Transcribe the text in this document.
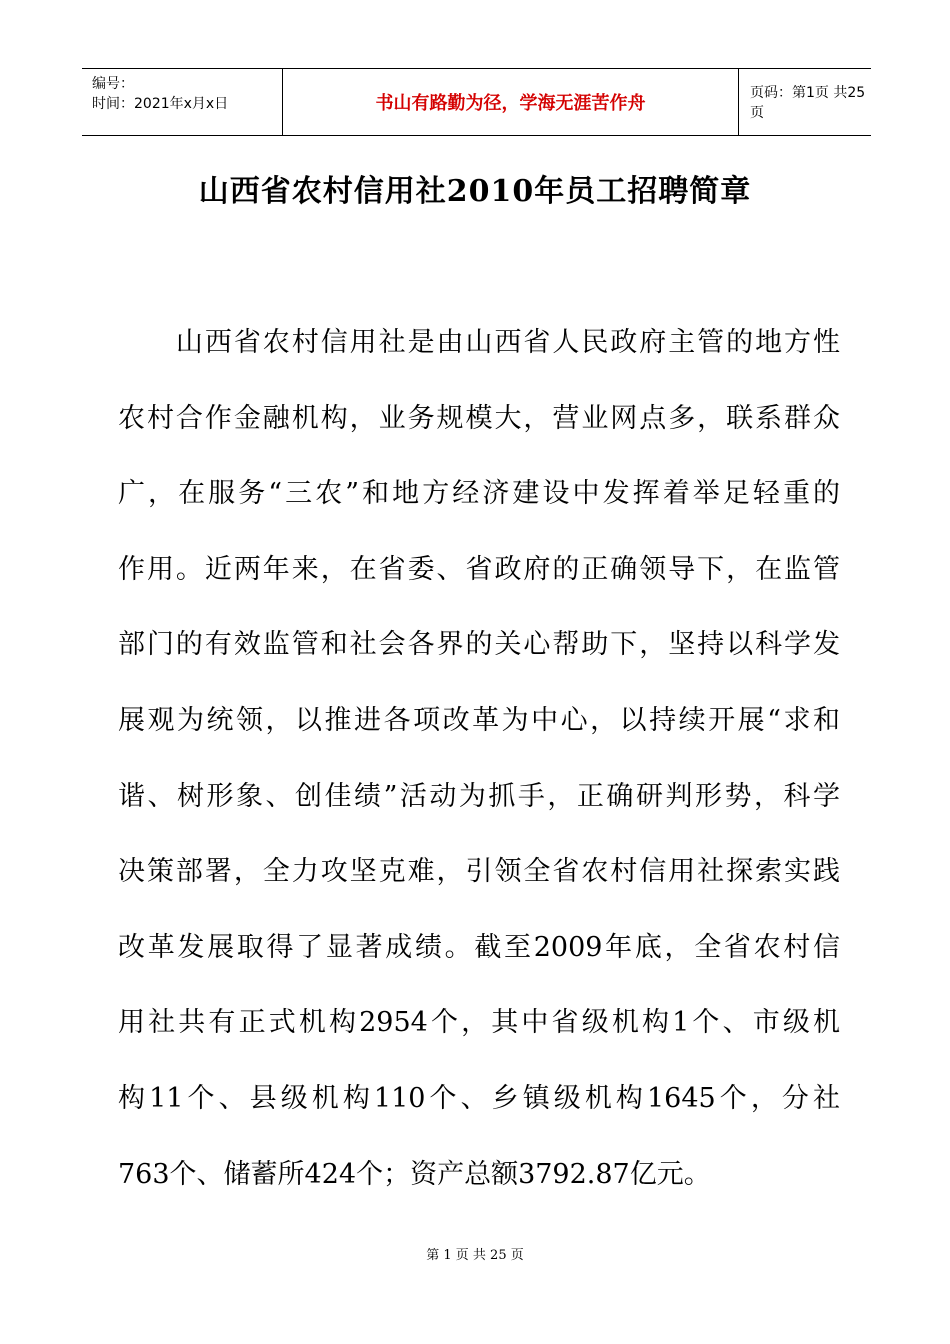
编号：
时间：2021年x月x日	书山有路勤为径，学海无涯苦作舟	页码：第1页 共25页
山西省农村信用社2010年员工招聘简章
　　山西省农村信用社是由山西省人民政府主管的地方性
农村合作金融机构，业务规模大，营业网点多，联系群众
广，在服务“三农”和地方经济建设中发挥着举足轻重的
作用。近两年来，在省委、省政府的正确领导下，在监管
部门的有效监管和社会各界的关心帮助下，坚持以科学发
展观为统领，以推进各项改革为中心，以持续开展“求和
谐、树形象、创佳绩”活动为抓手，正确研判形势，科学
决策部署，全力攻坚克难，引领全省农村信用社探索实践
改革发展取得了显著成绩。截至2009年底，全省农村信
用社共有正式机构2954个，其中省级机构1个、市级机
构11个、县级机构110个、乡镇级机构1645个，分社
763个、储蓄所424个；资产总额3792.87亿元。
第 1 页 共 25 页
